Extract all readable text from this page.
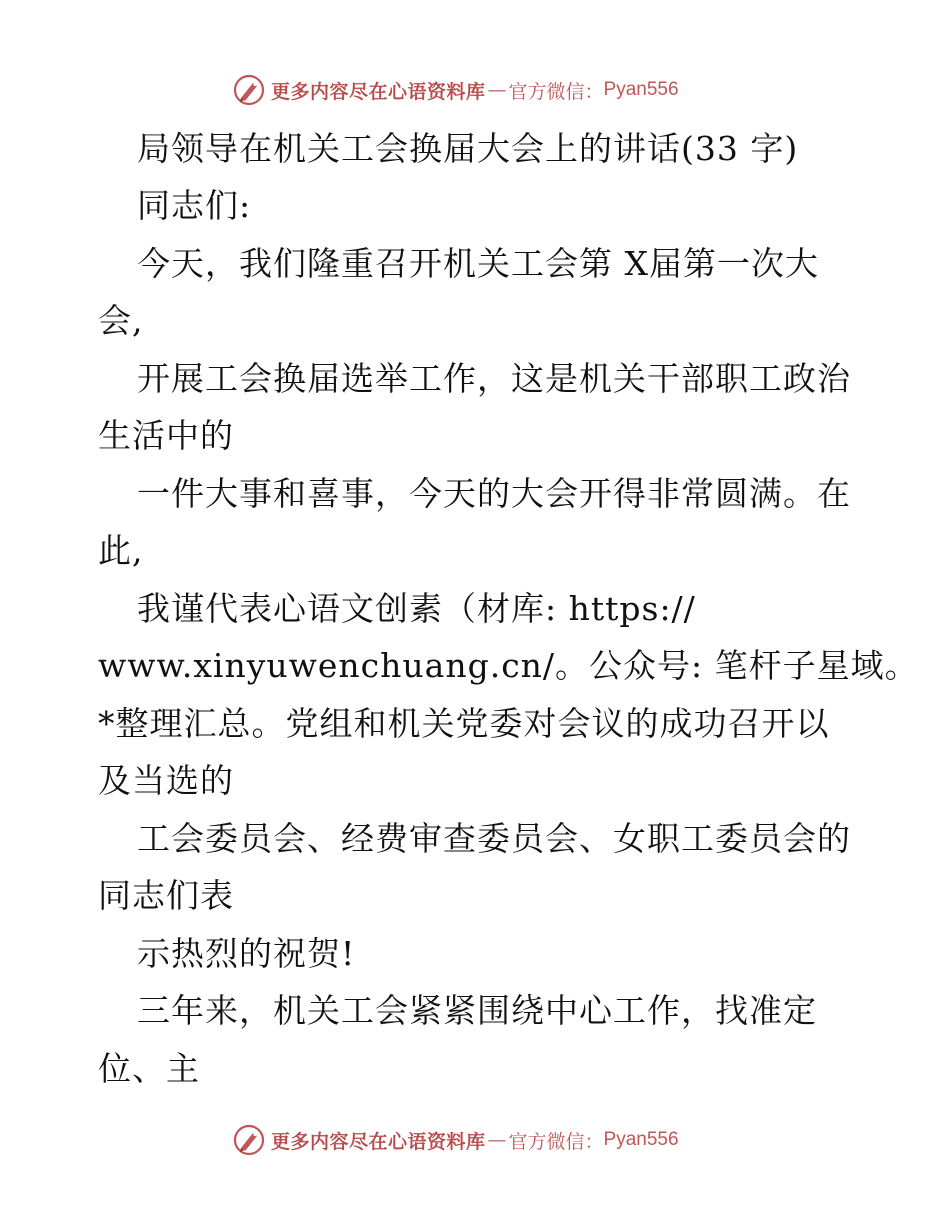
更多内容尽在心语资料库 — 官方微信： Pyan556
局领导在机关工会换届大会上的讲话(33 字)
同志们:
今天，我们隆重召开机关工会第 X届第一次大
会,
开展工会换届选举工作，这是机关干部职工政治
生活中的
一件大事和喜事，今天的大会开得非常圆满。在
此,
我谨代表心语文创素（材库: https://
www.xinyuwenchuang.cn/。公众号: 笔杆子星域。
*整理汇总。党组和机关党委对会议的成功召开以
及当选的
工会委员会、经费审查委员会、女职工委员会的
同志们表
示热烈的祝贺!
三年来，机关工会紧紧围绕中心工作，找准定
位、主
更多内容尽在心语资料库 — 官方微信： Pyan556
